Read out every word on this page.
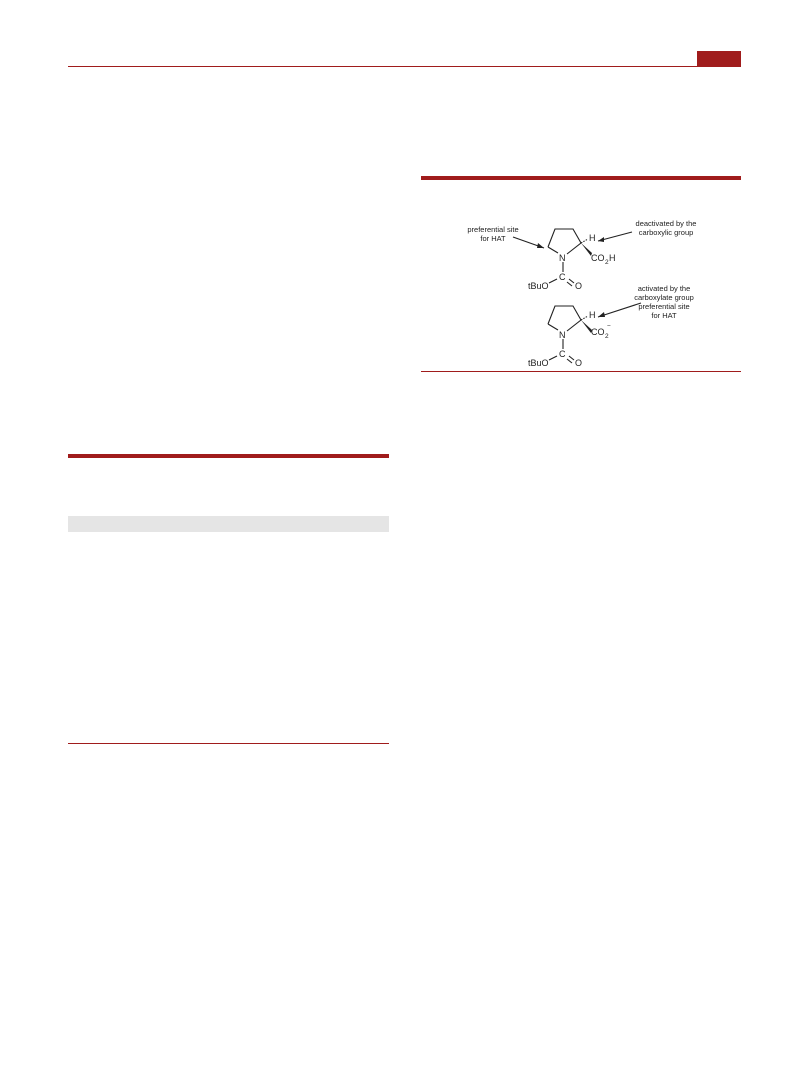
preferential site
for HAT
deactivated by the
carboxylic group
H
N
C
O
tBuO
CO 2 H
activated by the
carboxylate group
preferential site
for HAT
H
N
C
O
tBuO
CO 2
−
